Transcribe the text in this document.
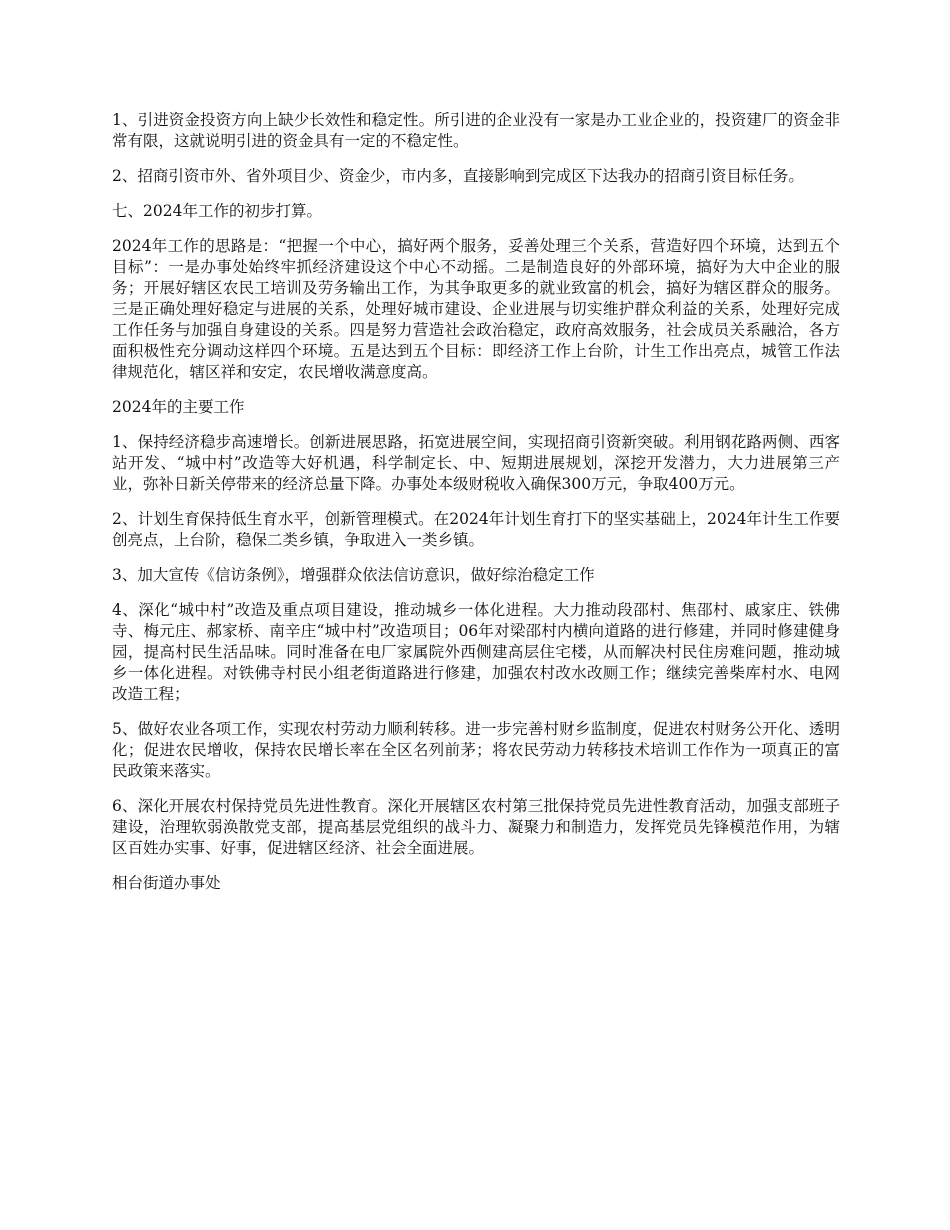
1、引进资金投资方向上缺少长效性和稳定性。所引进的企业没有一家是办工业企业的，投资建厂的资金非常有限，这就说明引进的资金具有一定的不稳定性。

2、招商引资市外、省外项目少、资金少，市内多，直接影响到完成区下达我办的招商引资目标任务。

七、2024年工作的初步打算。

2024年工作的思路是：“把握一个中心，搞好两个服务，妥善处理三个关系，营造好四个环境，达到五个目标”：一是办事处始终牢抓经济建设这个中心不动摇。二是制造良好的外部环境，搞好为大中企业的服务；开展好辖区农民工培训及劳务输出工作，为其争取更多的就业致富的机会，搞好为辖区群众的服务。三是正确处理好稳定与进展的关系，处理好城市建设、企业进展与切实维护群众利益的关系，处理好完成工作任务与加强自身建设的关系。四是努力营造社会政治稳定，政府高效服务，社会成员关系融洽，各方面积极性充分调动这样四个环境。五是达到五个目标：即经济工作上台阶，计生工作出亮点，城管工作法律规范化，辖区祥和安定，农民增收满意度高。

2024年的主要工作

1、保持经济稳步高速增长。创新进展思路，拓宽进展空间，实现招商引资新突破。利用钢花路两侧、西客站开发、“城中村”改造等大好机遇，科学制定长、中、短期进展规划，深挖开发潜力，大力进展第三产业，弥补日新关停带来的经济总量下降。办事处本级财税收入确保300万元，争取400万元。

2、计划生育保持低生育水平，创新管理模式。在2024年计划生育打下的坚实基础上，2024年计生工作要创亮点，上台阶，稳保二类乡镇，争取进入一类乡镇。

3、加大宣传《信访条例》，增强群众依法信访意识，做好综治稳定工作

4、深化“城中村”改造及重点项目建设，推动城乡一体化进程。大力推动段邵村、焦邵村、戚家庄、铁佛寺、梅元庄、郝家桥、南辛庄“城中村”改造项目；06年对梁邵村内横向道路的进行修建，并同时修建健身园，提高村民生活品味。同时准备在电厂家属院外西侧建高层住宅楼，从而解决村民住房难问题，推动城乡一体化进程。对铁佛寺村民小组老街道路进行修建，加强农村改水改厕工作；继续完善柴库村水、电网改造工程；

5、做好农业各项工作，实现农村劳动力顺利转移。进一步完善村财乡监制度，促进农村财务公开化、透明化；促进农民增收，保持农民增长率在全区名列前茅；将农民劳动力转移技术培训工作作为一项真正的富民政策来落实。

6、深化开展农村保持党员先进性教育。深化开展辖区农村第三批保持党员先进性教育活动，加强支部班子建设，治理软弱涣散党支部，提高基层党组织的战斗力、凝聚力和制造力，发挥党员先锋模范作用，为辖区百姓办实事、好事，促进辖区经济、社会全面进展。

相台街道办事处
